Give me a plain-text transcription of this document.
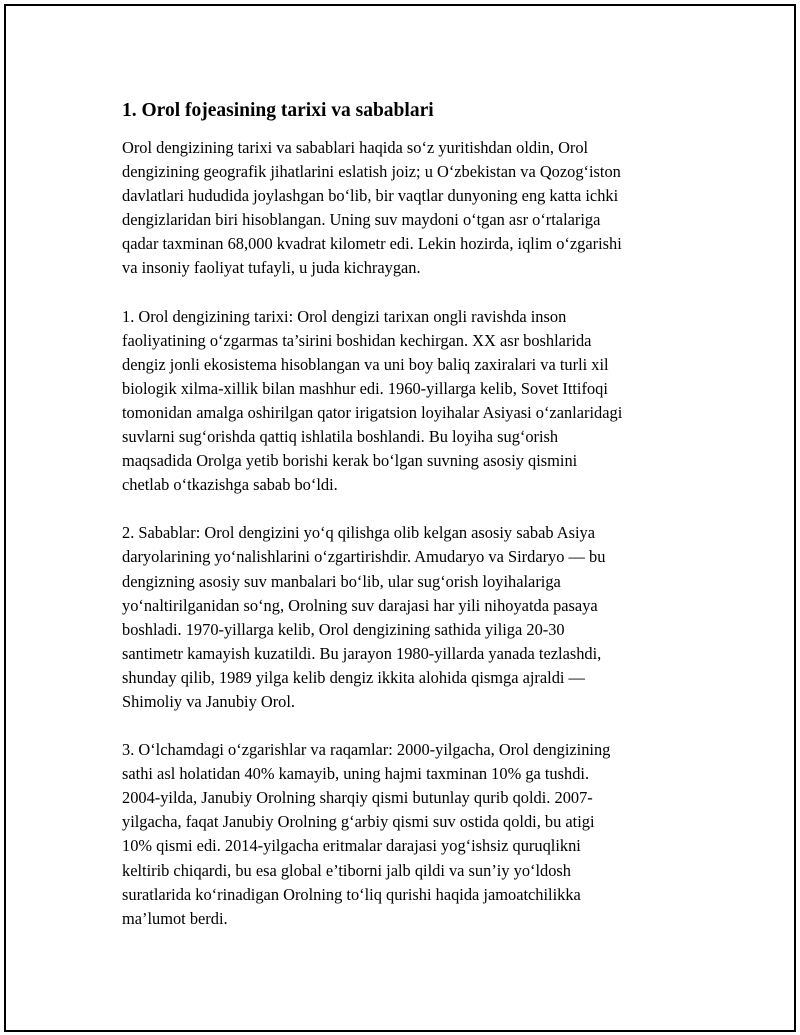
1. Orol fojeasining tarixi va sabablari

Orol dengizining tarixi va sabablari haqida so‘z yuritishdan oldin, Orol
dengizining geografik jihatlarini eslatish joiz; u O‘zbekistan va Qozog‘iston
davlatlari hududida joylashgan bo‘lib, bir vaqtlar dunyoning eng katta ichki
dengizlaridan biri hisoblangan. Uning suv maydoni o‘tgan asr o‘rtalariga
qadar taxminan 68,000 kvadrat kilometr edi. Lekin hozirda, iqlim o‘zgarishi
va insoniy faoliyat tufayli, u juda kichraygan.

1. Orol dengizining tarixi: Orol dengizi tarixan ongli ravishda inson
faoliyatining o‘zgarmas ta’sirini boshidan kechirgan. XX asr boshlarida
dengiz jonli ekosistema hisoblangan va uni boy baliq zaxiralari va turli xil
biologik xilma-xillik bilan mashhur edi. 1960-yillarga kelib, Sovet Ittifoqi
tomonidan amalga oshirilgan qator irigatsion loyihalar Asiyasi o‘zanlaridagi
suvlarni sug‘orishda qattiq ishlatila boshlandi. Bu loyiha sug‘orish
maqsadida Orolga yetib borishi kerak bo‘lgan suvning asosiy qismini
chetlab o‘tkazishga sabab bo‘ldi.

2. Sabablar: Orol dengizini yo‘q qilishga olib kelgan asosiy sabab Asiya
daryolarining yo‘nalishlarini o‘zgartirishdir. Amudaryo va Sirdaryo — bu
dengizning asosiy suv manbalari bo‘lib, ular sug‘orish loyihalariga
yo‘naltirilganidan so‘ng, Orolning suv darajasi har yili nihoyatda pasaya
boshladi. 1970-yillarga kelib, Orol dengizining sathida yiliga 20-30
santimetr kamayish kuzatildi. Bu jarayon 1980-yillarda yanada tezlashdi,
shunday qilib, 1989 yilga kelib dengiz ikkita alohida qismga ajraldi —
Shimoliy va Janubiy Orol.

3. O‘lchamdagi o‘zgarishlar va raqamlar: 2000-yilgacha, Orol dengizining
sathi asl holatidan 40% kamayib, uning hajmi taxminan 10% ga tushdi.
2004-yilda, Janubiy Orolning sharqiy qismi butunlay qurib qoldi. 2007-
yilgacha, faqat Janubiy Orolning g‘arbiy qismi suv ostida qoldi, bu atigi
10% qismi edi. 2014-yilgacha eritmalar darajasi yog‘ishsiz quruqlikni
keltirib chiqardi, bu esa global e’tiborni jalb qildi va sun’iy yo‘ldosh
suratlarida ko‘rinadigan Orolning to‘liq qurishi haqida jamoatchilikka
ma’lumot berdi.
